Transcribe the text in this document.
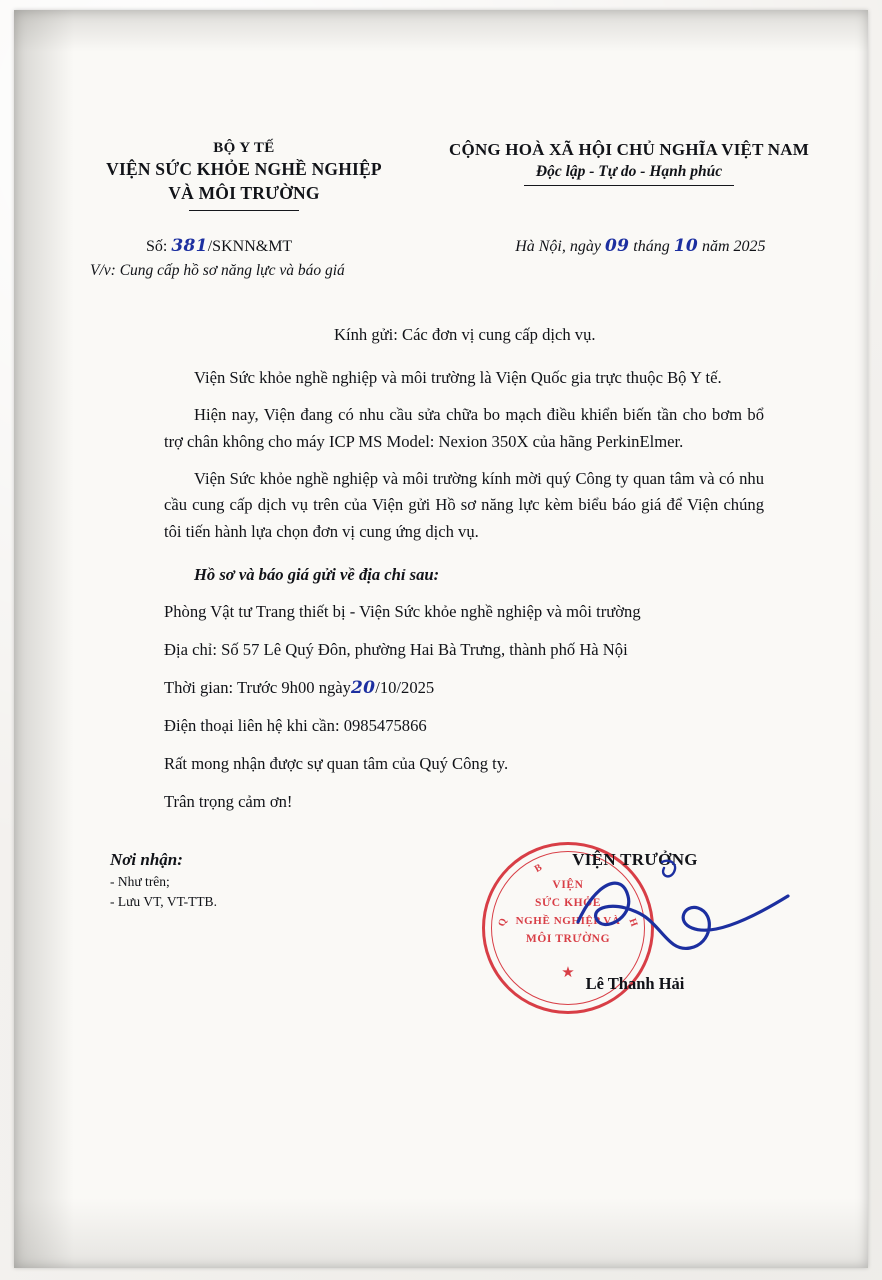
BỘ Y TẾ
VIỆN SỨC KHỎE NGHỀ NGHIỆP
VÀ MÔI TRƯỜNG
CỘNG HOÀ XÃ HỘI CHỦ NGHĨA VIỆT NAM
Độc lập - Tự do - Hạnh phúc
Số: 381/SKNN&MT
V/v: Cung cấp hồ sơ năng lực và báo giá
Hà Nội, ngày 09 tháng 10 năm 2025

Kính gửi: Các đơn vị cung cấp dịch vụ.

Viện Sức khỏe nghề nghiệp và môi trường là Viện Quốc gia trực thuộc Bộ Y tế.

Hiện nay, Viện đang có nhu cầu sửa chữa bo mạch điều khiển biến tần cho bơm bổ trợ chân không cho máy ICP MS Model: Nexion 350X của hãng PerkinElmer.

Viện Sức khỏe nghề nghiệp và môi trường kính mời quý Công ty quan tâm và có nhu cầu cung cấp dịch vụ trên của Viện gửi Hồ sơ năng lực kèm biểu báo giá để Viện chúng tôi tiến hành lựa chọn đơn vị cung ứng dịch vụ.

Hồ sơ và báo giá gửi về địa chỉ sau:

Phòng Vật tư Trang thiết bị - Viện Sức khỏe nghề nghiệp và môi trường

Địa chỉ: Số 57 Lê Quý Đôn, phường Hai Bà Trưng, thành phố Hà Nội

Thời gian: Trước 9h00 ngày20/10/2025

Điện thoại liên hệ khi cần: 0985475866

Rất mong nhận được sự quan tâm của Quý Công ty.

Trân trọng cảm ơn!

Nơi nhận:
- Như trên;
- Lưu VT, VT-TTB.
VIỆN TRƯỞNG
VIỆN
SỨC KHỎE
NGHỀ NGHIỆP VÀ
MÔI TRƯỜNG
★
Q	H
B
Lê Thanh Hải
